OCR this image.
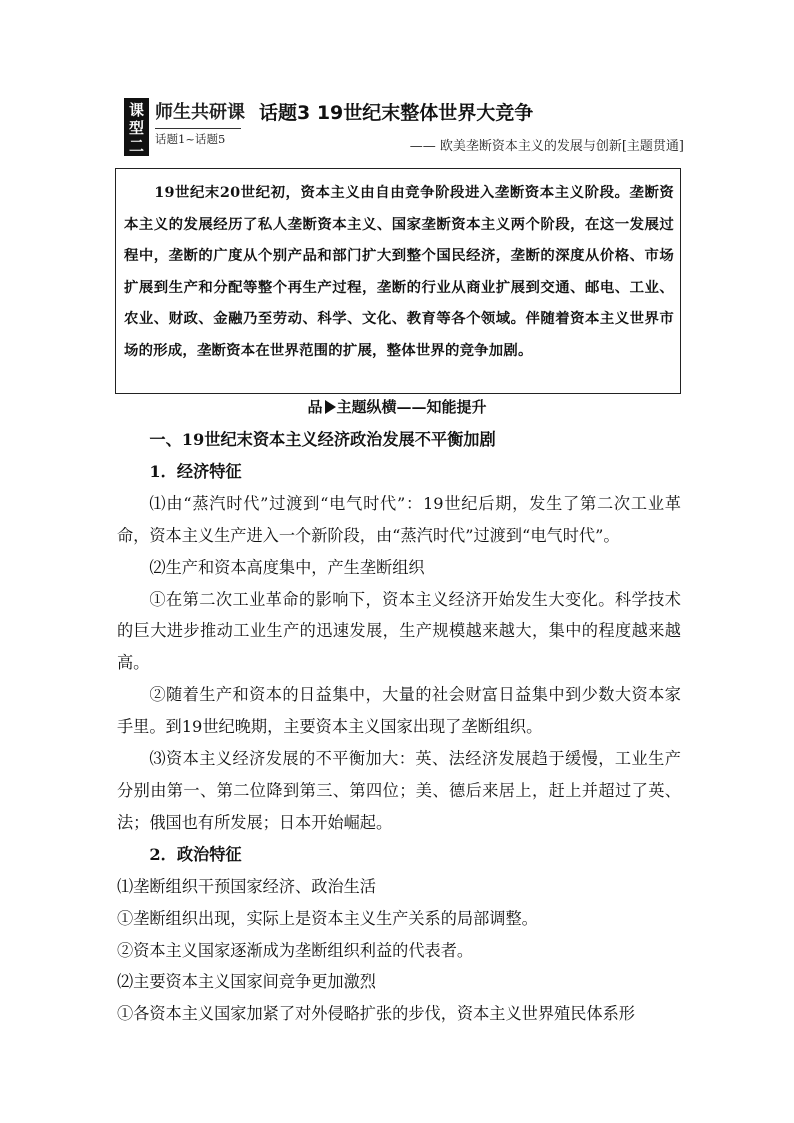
课型二
师生共研课
话题1~话题5
话题3 19世纪末整体世界大竞争
—— 欧美垄断资本主义的发展与创新[主题贯通]

19世纪末20世纪初，资本主义由自由竞争阶段进入垄断资本主义阶段。垄断资本主义的发展经历了私人垄断资本主义、国家垄断资本主义两个阶段，在这一发展过程中，垄断的广度从个别产品和部门扩大到整个国民经济，垄断的深度从价格、市场扩展到生产和分配等整个再生产过程，垄断的行业从商业扩展到交通、邮电、工业、农业、财政、金融乃至劳动、科学、文化、教育等各个领域。伴随着资本主义世界市场的形成，垄断资本在世界范围的扩展，整体世界的竞争加剧。

品 主题纵横——知能提升

一、19世纪末资本主义经济政治发展不平衡加剧

1．经济特征

⑴由“蒸汽时代”过渡到“电气时代”：19世纪后期，发生了第二次工业革命，资本主义生产进入一个新阶段，由“蒸汽时代”过渡到“电气时代”。

⑵生产和资本高度集中，产生垄断组织

①在第二次工业革命的影响下，资本主义经济开始发生大变化。科学技术的巨大进步推动工业生产的迅速发展，生产规模越来越大，集中的程度越来越高。

②随着生产和资本的日益集中，大量的社会财富日益集中到少数大资本家手里。到19世纪晚期，主要资本主义国家出现了垄断组织。

⑶资本主义经济发展的不平衡加大：英、法经济发展趋于缓慢，工业生产分别由第一、第二位降到第三、第四位；美、德后来居上，赶上并超过了英、法；俄国也有所发展；日本开始崛起。

2．政治特征

⑴垄断组织干预国家经济、政治生活

①垄断组织出现，实际上是资本主义生产关系的局部调整。

②资本主义国家逐渐成为垄断组织利益的代表者。

⑵主要资本主义国家间竞争更加激烈

①各资本主义国家加紧了对外侵略扩张的步伐，资本主义世界殖民体系形
